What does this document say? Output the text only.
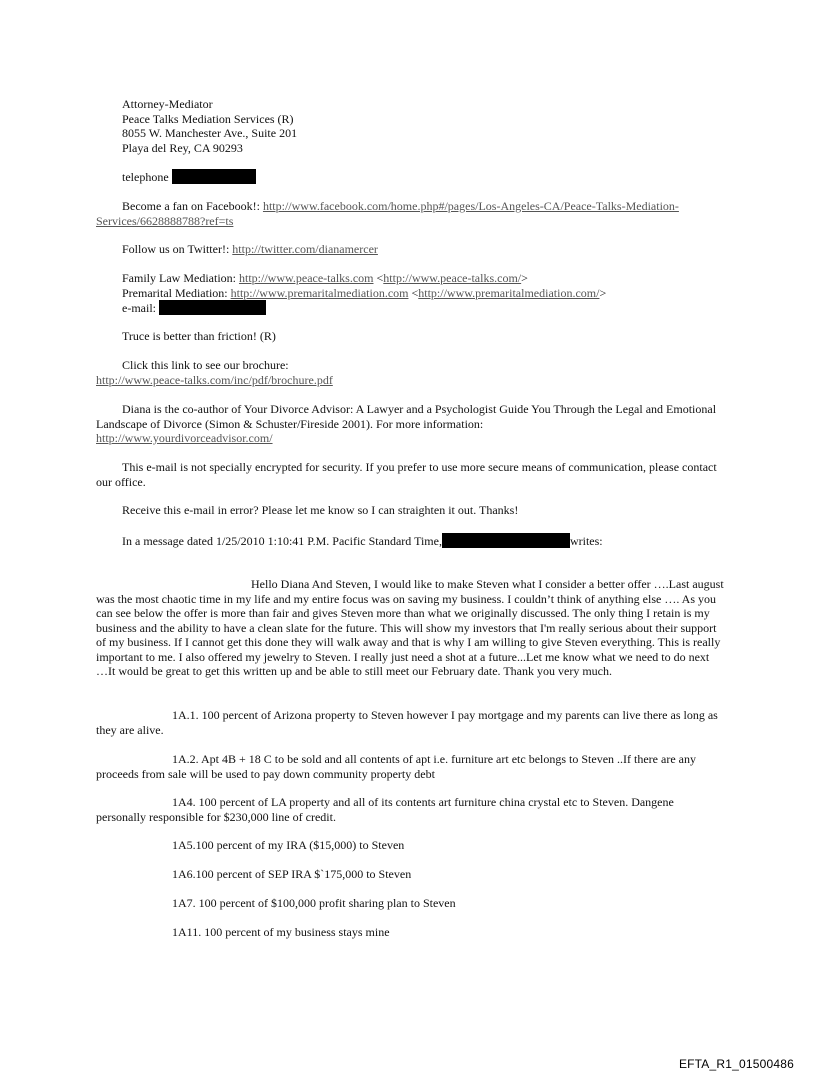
Attorney-Mediator
Peace Talks Mediation Services (R)
8055 W. Manchester Ave., Suite 201
Playa del Rey, CA 90293
telephone
Become a fan on Facebook!: http://www.facebook.com/home.php#/pages/Los-Angeles-CA/Peace-Talks-Mediation-Services/6628888788?ref=ts
Follow us on Twitter!: http://twitter.com/dianamercer
Family Law Mediation: http://www.peace-talks.com <http://www.peace-talks.com/>
Premarital Mediation: http://www.premaritalmediation.com <http://www.premaritalmediation.com/>
e-mail:
Truce is better than friction! (R)
Click this link to see our brochure:
http://www.peace-talks.com/inc/pdf/brochure.pdf
Diana is the co-author of Your Divorce Advisor: A Lawyer and a Psychologist Guide You Through the Legal and Emotional Landscape of Divorce (Simon & Schuster/Fireside 2001). For more information:
http://www.yourdivorceadvisor.com/
This e-mail is not specially encrypted for security. If you prefer to use more secure means of communication, please contact our office.
Receive this e-mail in error? Please let me know so I can straighten it out. Thanks!
In a message dated 1/25/2010 1:10:41 P.M. Pacific Standard Time,	writes:
Hello Diana And Steven, I would like to make Steven what I consider a better offer ….Last august was the most chaotic time in my life and my entire focus was on saving my business. I couldn’t think of anything else …. As you can see below the offer is more than fair and gives Steven more than what we originally discussed. The only thing I retain is my business and the ability to have a clean slate for the future. This will show my investors that I'm really serious about their support of my business. If I cannot get this done they will walk away and that is why I am willing to give Steven everything. This is really important to me. I also offered my jewelry to Steven. I really just need a shot at a future...Let me know what we need to do next …It would be great to get this written up and be able to still meet our February date. Thank you very much.
1A.1. 100 percent of Arizona property to Steven however I pay mortgage and my parents can live there as long as they are alive.
1A.2. Apt 4B + 18 C to be sold and all contents of apt i.e. furniture art etc belongs to Steven ..If there are any proceeds from sale will be used to pay down community property debt
1A4. 100 percent of LA property and all of its contents art furniture china crystal etc to Steven. Dangene personally responsible for $230,000 line of credit.
1A5.100 percent of my IRA ($15,000) to Steven
1A6.100 percent of SEP IRA $`175,000 to Steven
1A7. 100 percent of $100,000 profit sharing plan to Steven
1A11. 100 percent of my business stays mine
EFTA_R1_01500486
